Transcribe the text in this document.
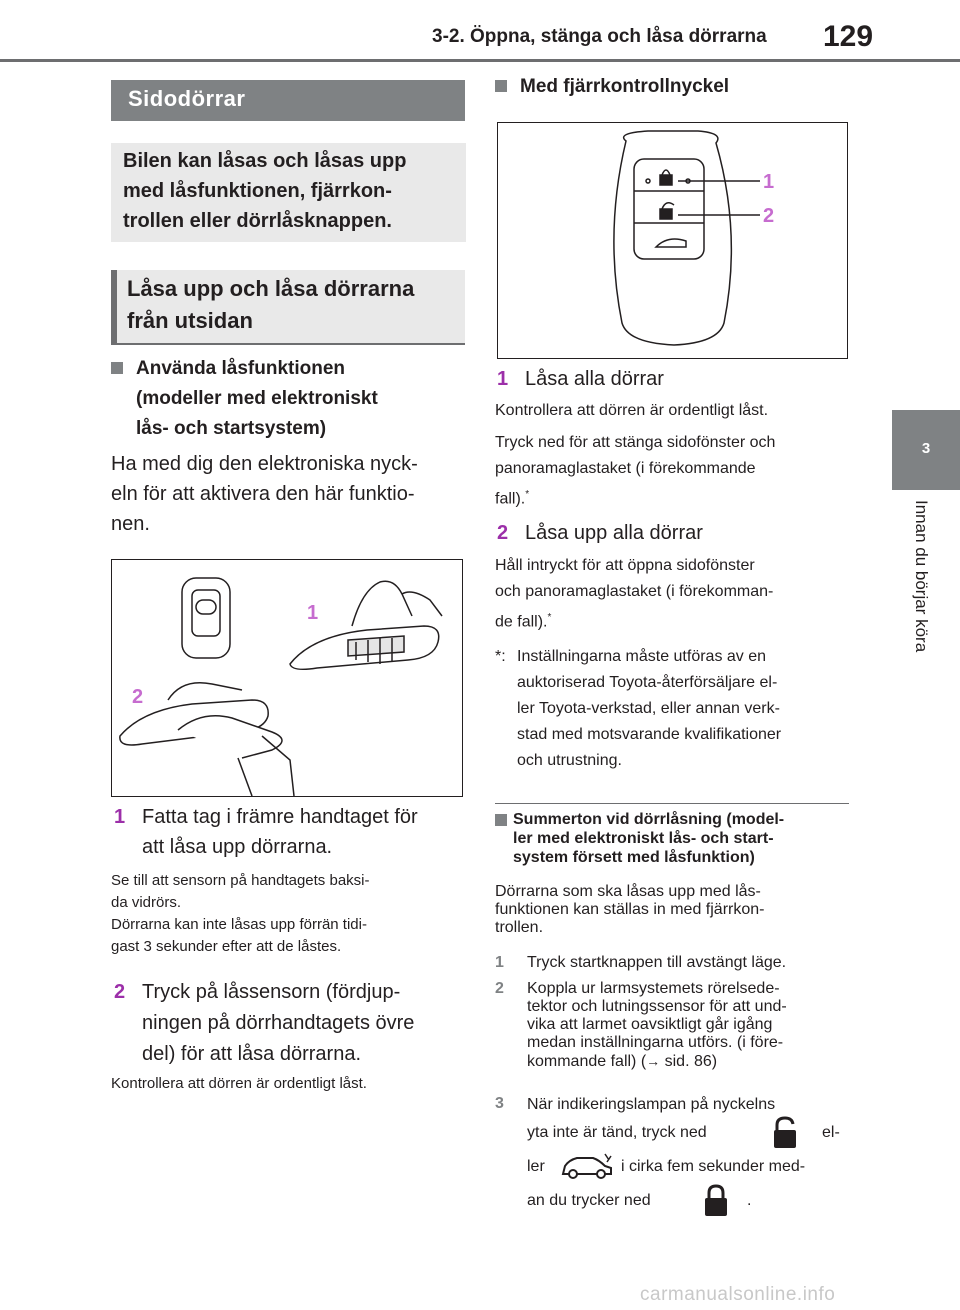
3-2. Öppna, stänga och låsa dörrarna 129
3
Innan du börjar köra
Sidodörrar
Bilen kan låsas och låsas upp
med låsfunktionen, fjärrkon-
trollen eller dörrlåsknappen.
Låsa upp och låsa dörrarna
från utsidan
Använda låsfunktionen
(modeller med elektroniskt
lås- och startsystem)
Ha med dig den elektroniska nyck-
eln för att aktivera den här funktio-
nen.
1
2
1 Fatta tag i främre handtaget för
att låsa upp dörrarna.
Se till att sensorn på handtagets baksi-
da vidrörs.
Dörrarna kan inte låsas upp förrän tidi-
gast 3 sekunder efter att de låstes.
2 Tryck på låssensorn (fördjup-
ningen på dörrhandtagets övre
del) för att låsa dörrarna.
Kontrollera att dörren är ordentligt låst.
Med fjärrkontrollnyckel
1
2
1 Låsa alla dörrar
Kontrollera att dörren är ordentligt låst.
Tryck ned för att stänga sidofönster och
panoramaglastaket (i förekommande
fall).*
2 Låsa upp alla dörrar
Håll intryckt för att öppna sidofönster
och panoramaglastaket (i förekomman-
de fall).*
*: Inställningarna måste utföras av en
auktoriserad Toyota-återförsäljare el-
ler Toyota-verkstad, eller annan verk-
stad med motsvarande kvalifikationer
och utrustning.
Summerton vid dörrlåsning (model-
ler med elektroniskt lås- och start-
system försett med låsfunktion)
Dörrarna som ska låsas upp med lås-
funktionen kan ställas in med fjärrkon-
trollen.
1	Tryck startknappen till avstängt läge.
2 Koppla ur larmsystemets rörelsede-
tektor och lutningssensor för att und-
vika att larmet oavsiktligt går igång
medan inställningarna utförs. (i före-
kommande fall) (→ sid. 86)
3 När indikeringslampan på nyckelns
yta inte är tänd, tryck ned	el-
ler	i cirka fem sekunder med-
an du trycker ned	.
carmanualsonline.info
